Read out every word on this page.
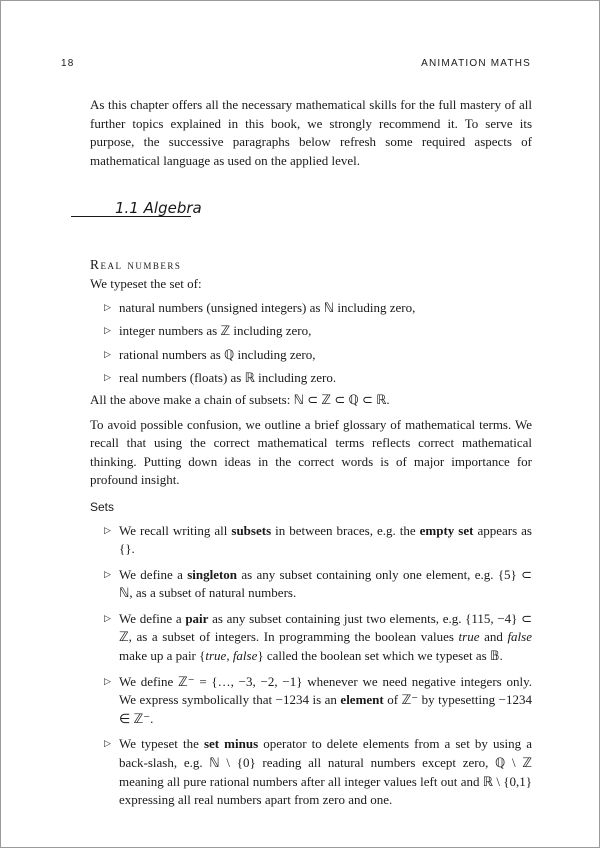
18	ANIMATION MATHS
1.1 Algebra

As this chapter offers all the necessary mathematical skills for the full mastery of all further topics explained in this book, we strongly recommend it. To serve its purpose, the successive paragraphs below refresh some required aspects of mathematical language as used on the applied level.

Real numbers

We typeset the set of:

▷ natural numbers (unsigned integers) as ℕ including zero,
▷ integer numbers as ℤ including zero,
▷ rational numbers as ℚ including zero,
▷ real numbers (floats) as ℝ including zero.

All the above make a chain of subsets: ℕ ⊂ ℤ ⊂ ℚ ⊂ ℝ.

To avoid possible confusion, we outline a brief glossary of mathematical terms. We recall that using the correct mathematical terms reflects correct mathematical thinking. Putting down ideas in the correct words is of major importance for profound insight.

Sets

▷ We recall writing all subsets in between braces, e.g. the empty set appears as {}.
▷ We define a singleton as any subset containing only one element, e.g. {5} ⊂ ℕ, as a subset of natural numbers.
▷ We define a pair as any subset containing just two elements, e.g. {115, −4} ⊂ ℤ, as a subset of integers. In programming the boolean values true and false make up a pair {true, false} called the boolean set which we typeset as 𝔹.
▷ We define ℤ⁻ = {…, −3, −2, −1} whenever we need negative integers only. We express symbolically that −1234 is an element of ℤ⁻ by typesetting −1234 ∈ ℤ⁻.
▷ We typeset the set minus operator to delete elements from a set by using a back-slash, e.g. ℕ \ {0} reading all natural numbers except zero, ℚ \ ℤ meaning all pure rational numbers after all integer values left out and ℝ \ {0,1} expressing all real numbers apart from zero and one.
